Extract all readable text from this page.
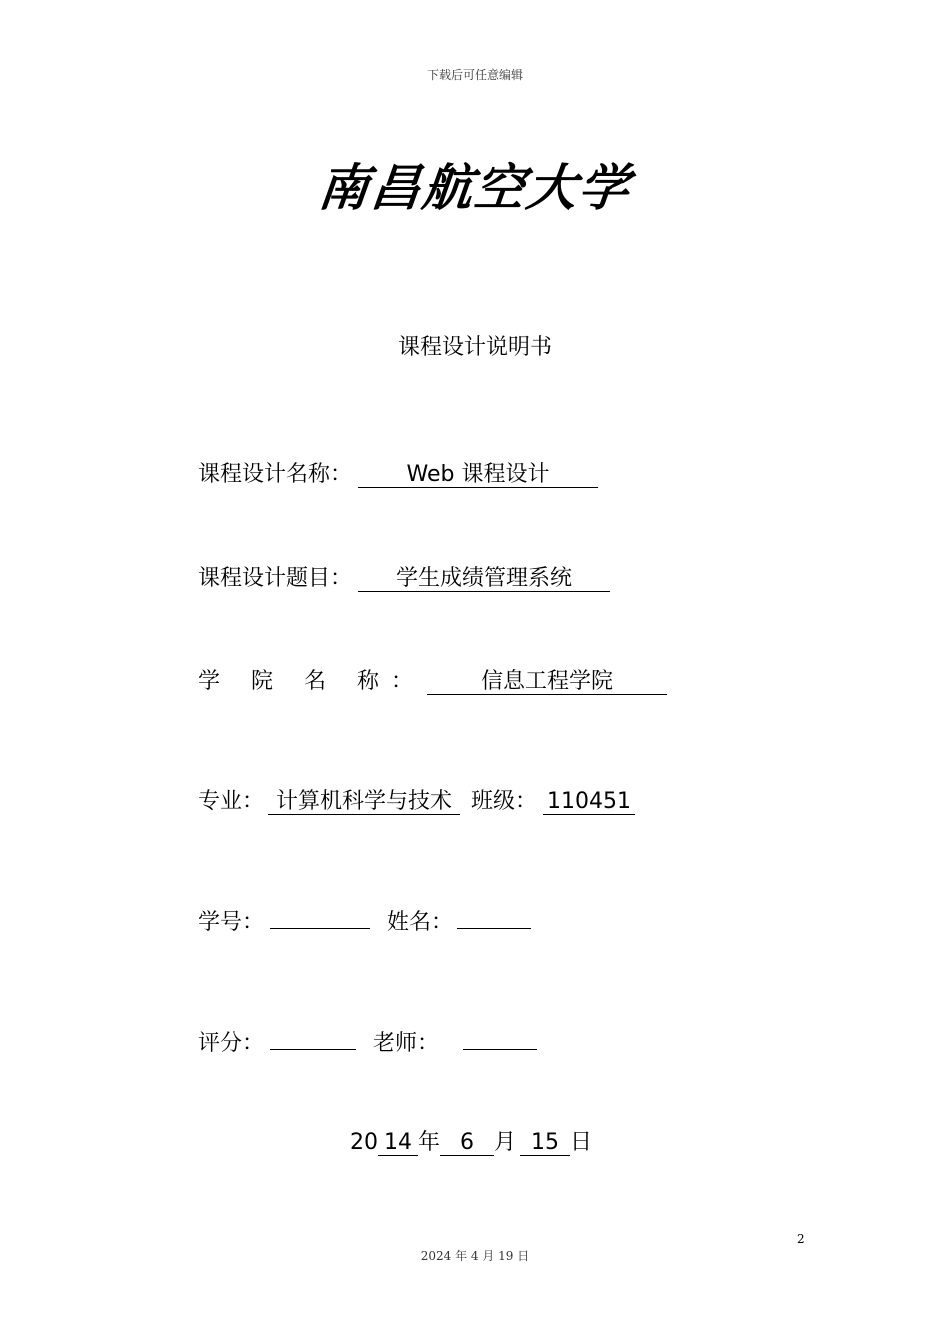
下载后可任意编辑
南昌航空大学
课程设计说明书
课程设计名称： Web 课程设计
课程设计题目： 学生成绩管理系统
学 院 名 称：	信息工程学院
专业： 计算机科学与技术 班级： 110451
学号：	姓名：
评分：	老师：
20 14 年 6 月 15 日
2
2024 年 4 月 19 日
